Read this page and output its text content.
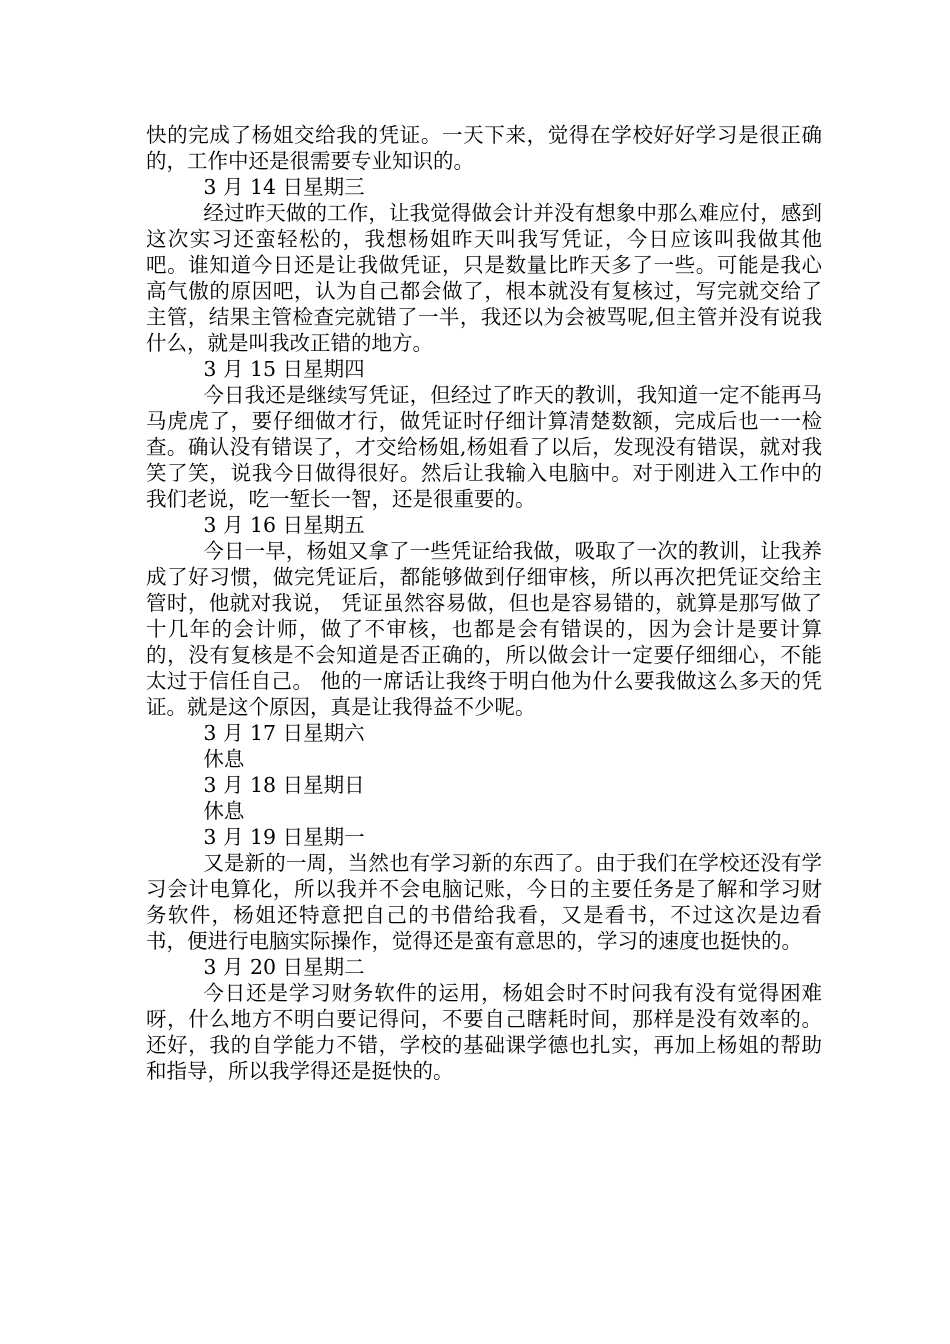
快的完成了杨姐交给我的凭证。一天下来，觉得在学校好好学习是很正确的，工作中还是很需要专业知识的。

3 月 14 日星期三

经过昨天做的工作，让我觉得做会计并没有想象中那么难应付，感到这次实习还蛮轻松的，我想杨姐昨天叫我写凭证，今日应该叫我做其他吧。谁知道今日还是让我做凭证，只是数量比昨天多了一些。可能是我心高气傲的原因吧，认为自己都会做了，根本就没有复核过，写完就交给了主管，结果主管检查完就错了一半，我还以为会被骂呢,但主管并没有说我什么，就是叫我改正错的地方。

3 月 15 日星期四

今日我还是继续写凭证，但经过了昨天的教训，我知道一定不能再马马虎虎了，要仔细做才行，做凭证时仔细计算清楚数额，完成后也一一检查。确认没有错误了，才交给杨姐,杨姐看了以后，发现没有错误，就对我笑了笑，说我今日做得很好。然后让我输入电脑中。对于刚进入工作中的我们老说，吃一堑长一智，还是很重要的。

3 月 16 日星期五

今日一早，杨姐又拿了一些凭证给我做，吸取了一次的教训，让我养成了好习惯，做完凭证后，都能够做到仔细审核，所以再次把凭证交给主管时，他就对我说， 凭证虽然容易做，但也是容易错的，就算是那写做了十几年的会计师，做了不审核，也都是会有错误的，因为会计是要计算的，没有复核是不会知道是否正确的，所以做会计一定要仔细细心，不能太过于信任自己。 他的一席话让我终于明白他为什么要我做这么多天的凭证。就是这个原因，真是让我得益不少呢。

3 月 17 日星期六

休息

3 月 18 日星期日

休息

3 月 19 日星期一

又是新的一周，当然也有学习新的东西了。由于我们在学校还没有学习会计电算化，所以我并不会电脑记账，今日的主要任务是了解和学习财务软件，杨姐还特意把自己的书借给我看，又是看书，不过这次是边看书，便进行电脑实际操作，觉得还是蛮有意思的，学习的速度也挺快的。

3 月 20 日星期二

今日还是学习财务软件的运用，杨姐会时不时问我有没有觉得困难呀，什么地方不明白要记得问，不要自己瞎耗时间，那样是没有效率的。还好，我的自学能力不错，学校的基础课学德也扎实，再加上杨姐的帮助和指导，所以我学得还是挺快的。
